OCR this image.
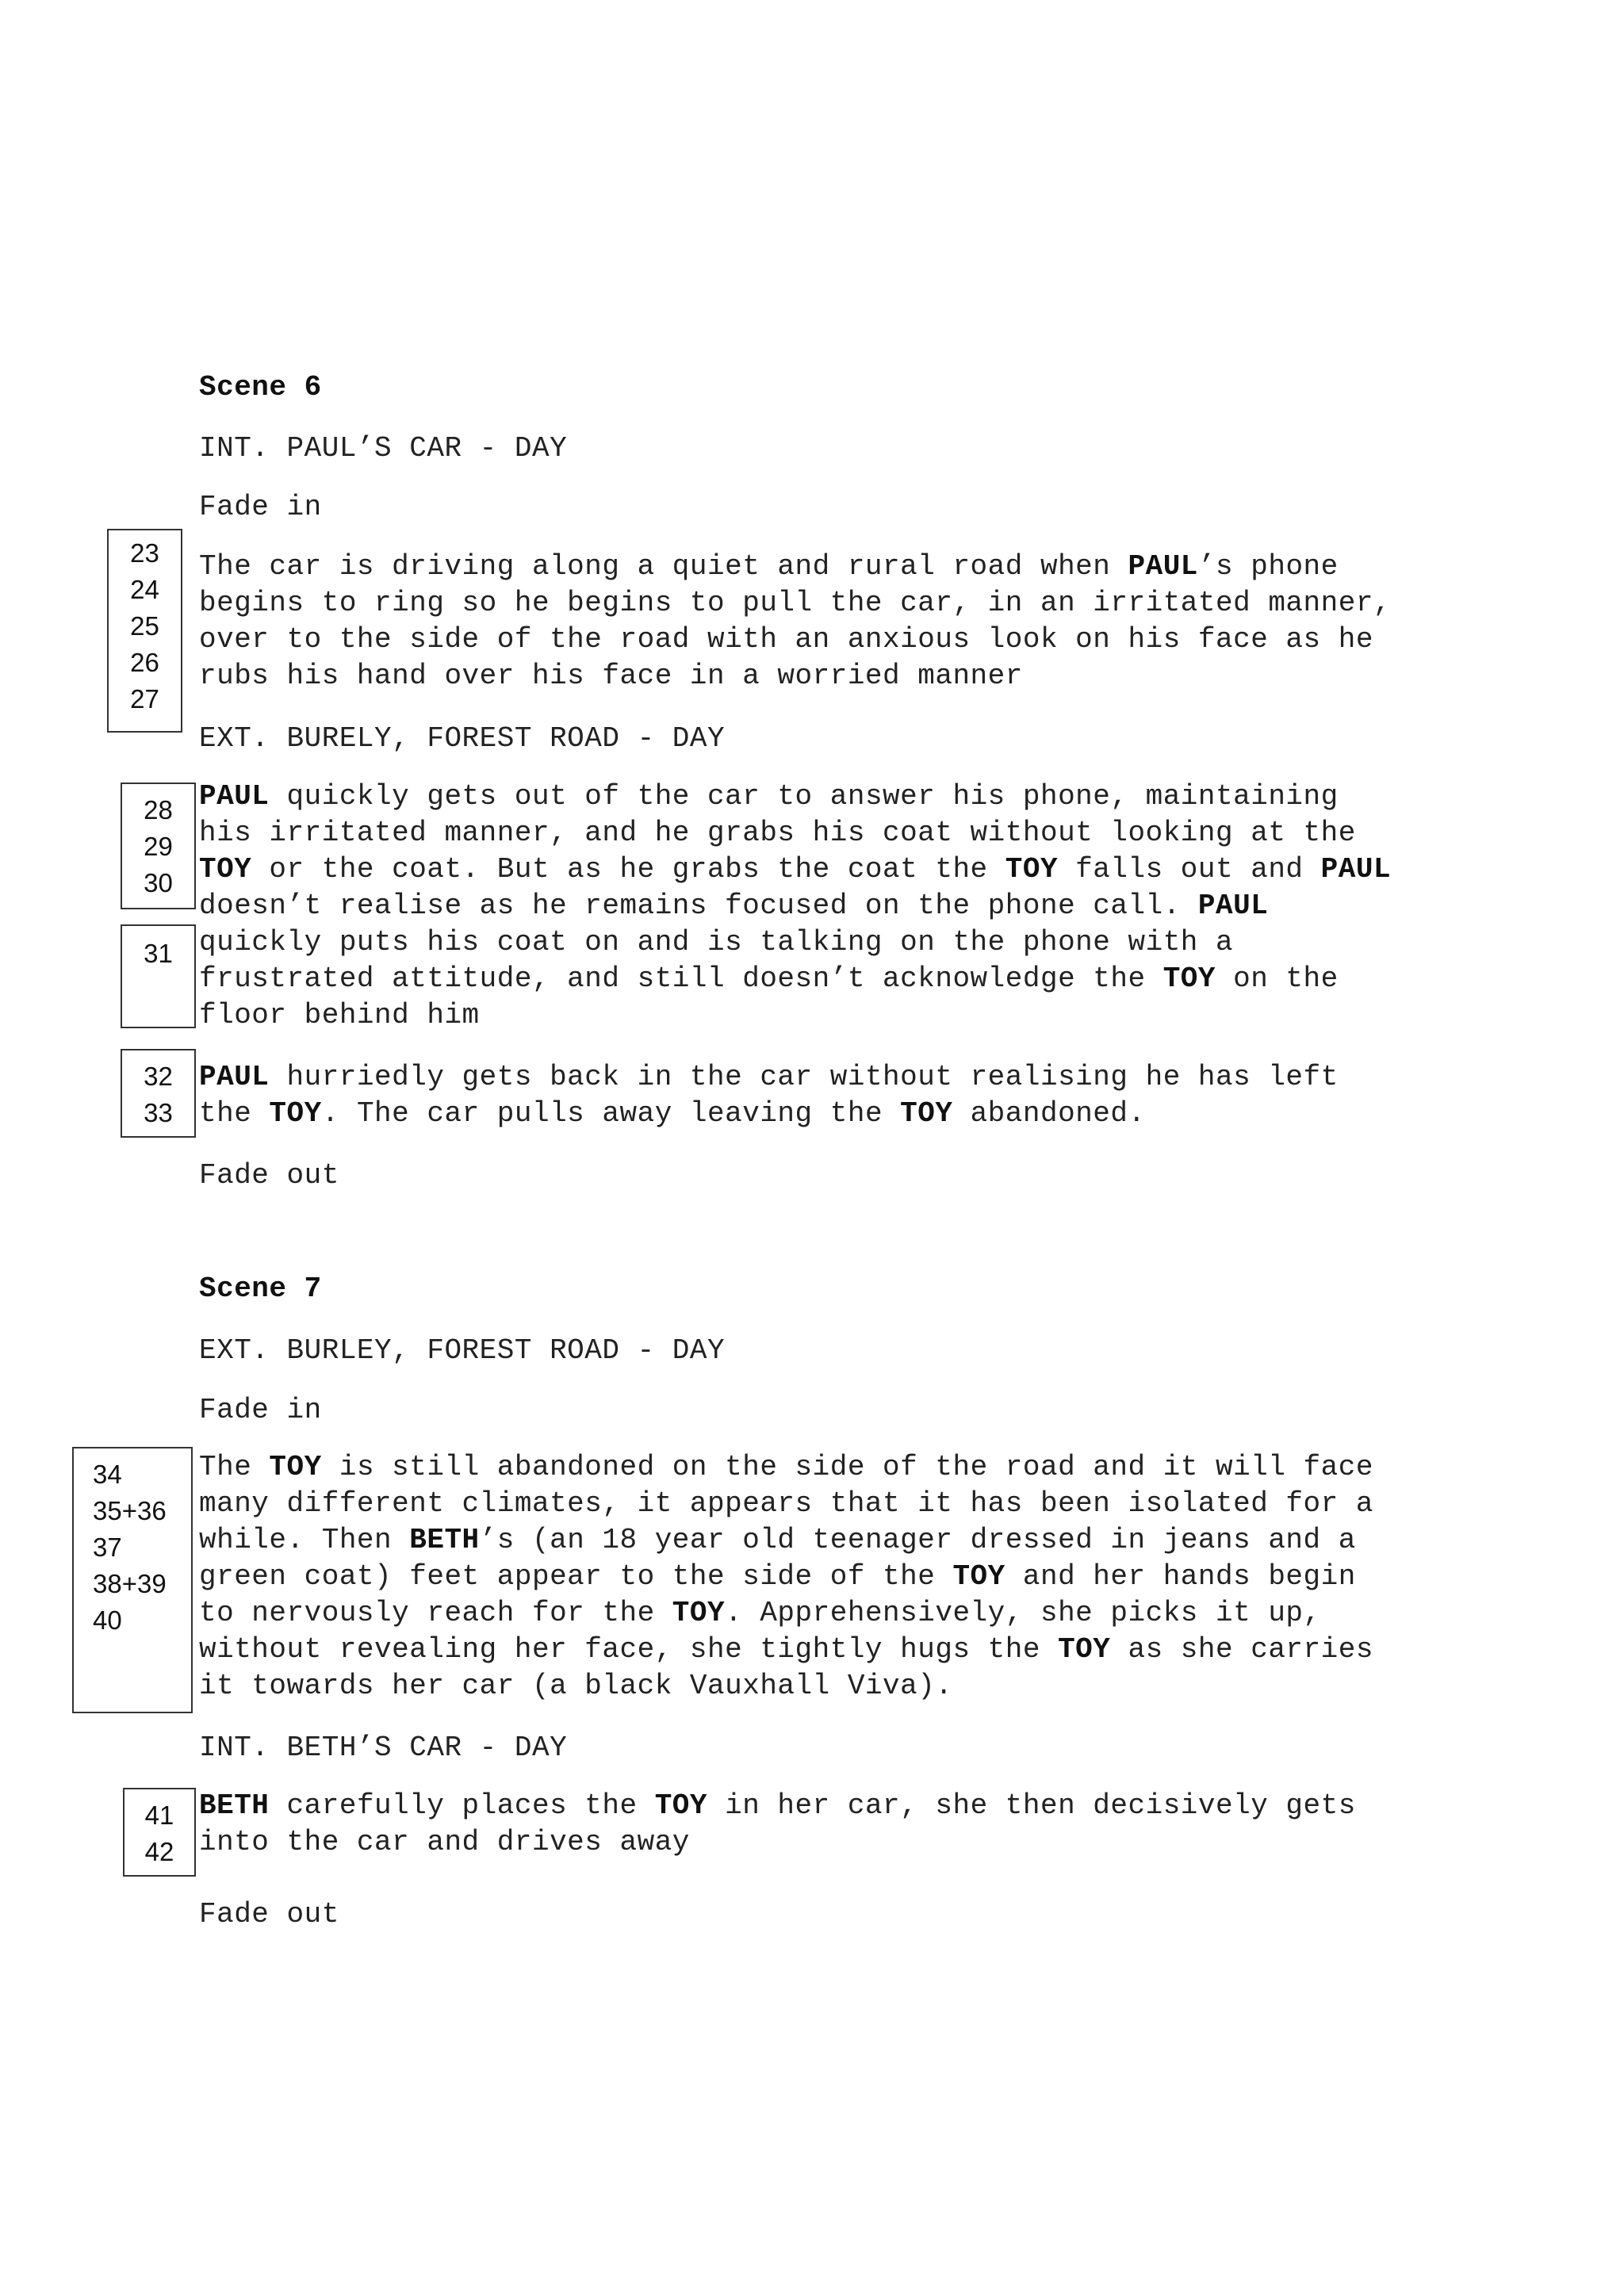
Scene 6
INT. PAUL’S CAR - DAY
Fade in
23
24
25
26
27
EXT. BURELY, FOREST ROAD - DAY
28
29
30
31
32
33
Fade out
Scene 7
EXT. BURLEY, FOREST ROAD - DAY
Fade in
34
35+36
37
38+39
40
INT. BETH’S CAR - DAY
41
42
Fade out
The car is driving along a quiet and rural road when PAUL’s phone
begins to ring so he begins to pull the car, in an irritated manner,
over to the side of the road with an anxious look on his face as he
rubs his hand over his face in a worried manner
PAUL quickly gets out of the car to answer his phone, maintaining
his irritated manner, and he grabs his coat without looking at the
TOY or the coat. But as he grabs the coat the TOY falls out and PAUL
doesn’t realise as he remains focused on the phone call. PAUL
quickly puts his coat on and is talking on the phone with a
frustrated attitude, and still doesn’t acknowledge the TOY on the
floor behind him
PAUL hurriedly gets back in the car without realising he has left
the TOY. The car pulls away leaving the TOY abandoned.
The TOY is still abandoned on the side of the road and it will face
many different climates, it appears that it has been isolated for a
while. Then BETH’s (an 18 year old teenager dressed in jeans and a
green coat) feet appear to the side of the TOY and her hands begin
to nervously reach for the TOY. Apprehensively, she picks it up,
without revealing her face, she tightly hugs the TOY as she carries
it towards her car (a black Vauxhall Viva).
BETH carefully places the TOY in her car, she then decisively gets
into the car and drives away
